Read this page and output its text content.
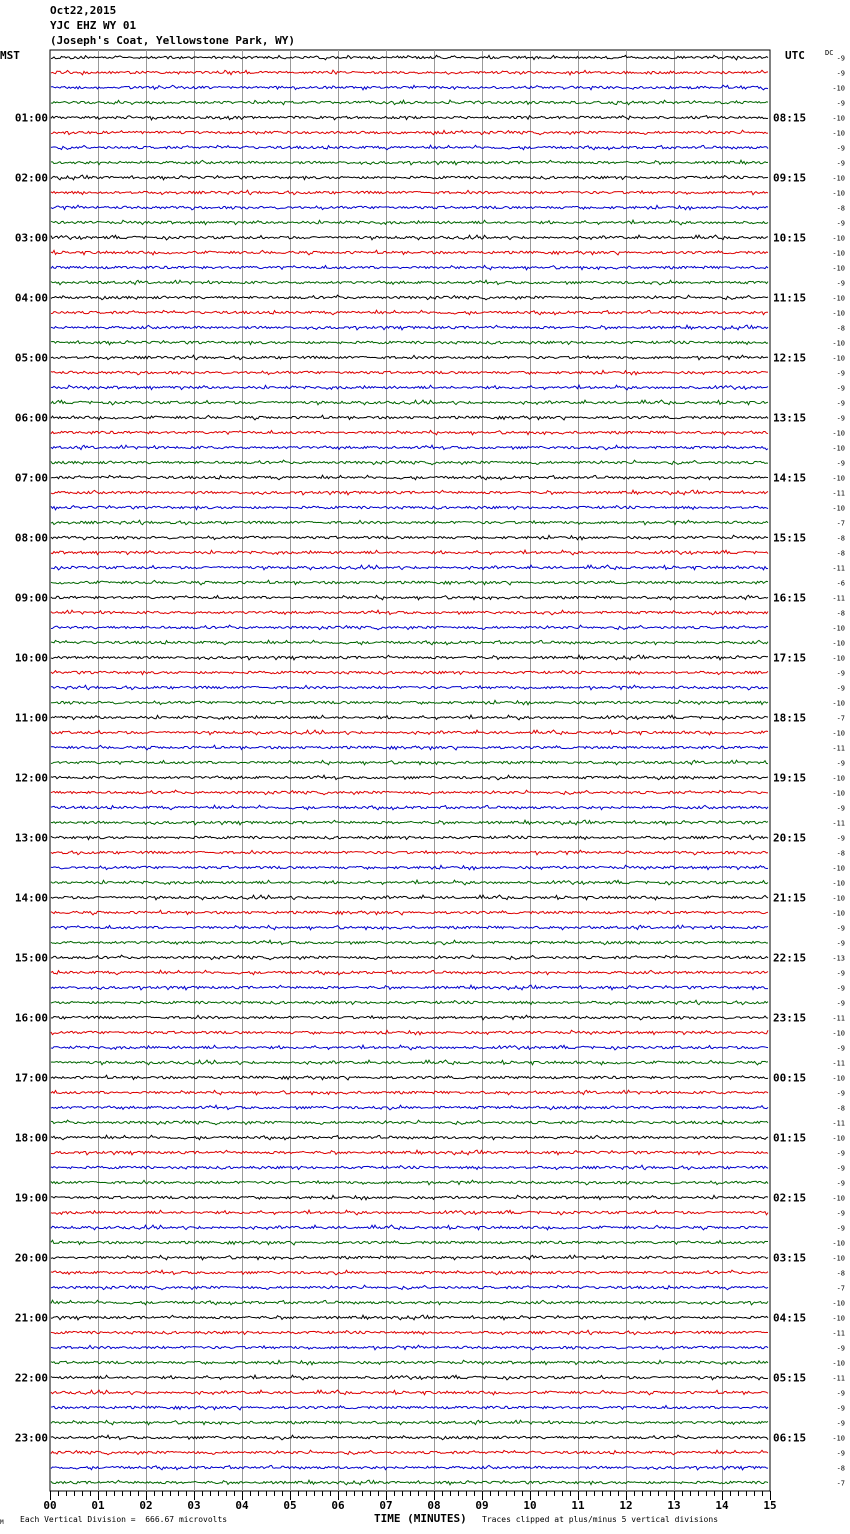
Oct22,2015
YJC EHZ WY 01
(Joseph's Coat, Yellowstone Park, WY)
MST	UTC	DC
-9
-9
-10
-9
-10
-10
-9
-9
-10
-10
-8
-9
-10
-10
-10
-9
-10
-10
-8
-10
-10
-9
-9
-9
-9
-10
-10
-9
-10
-11
-10
-7
-8
-8
-11
-6
-11
-8
-10
-10
-10
-9
-9
-10
-7
-10
-11
-9
-10
-10
-9
-11
-9
-8
-10
-10
-10
-10
-9
-9
-13
-9
-9
-9
-11
-10
-9
-11
-10
-9
-8
-11
-10
-9
-9
-9
-10
-9
-9
-10
-10
-8
-7
-10
-10
-11
-9
-10
-11
-9
-9
-9
-10
-9
-8
-7
01:00
02:00
03:00
04:00
05:00
06:00
07:00
08:00
09:00
10:00
11:00
12:00
13:00
14:00
15:00
16:00
17:00
18:00
19:00
20:00
21:00
22:00
23:00
08:15
09:15
10:15
11:15
12:15
13:15
14:15
15:15
16:15
17:15
18:15
19:15
20:15
21:15
22:15
23:15
00:15
01:15
02:15
03:15
04:15
05:15
06:15
00	01	02	03	04	05	06	07	08	09	10	11	12	13	14	15
M Each Vertical Division =  666.67 microvolts	TIME (MINUTES) Traces clipped at plus/minus 5 vertical divisions
